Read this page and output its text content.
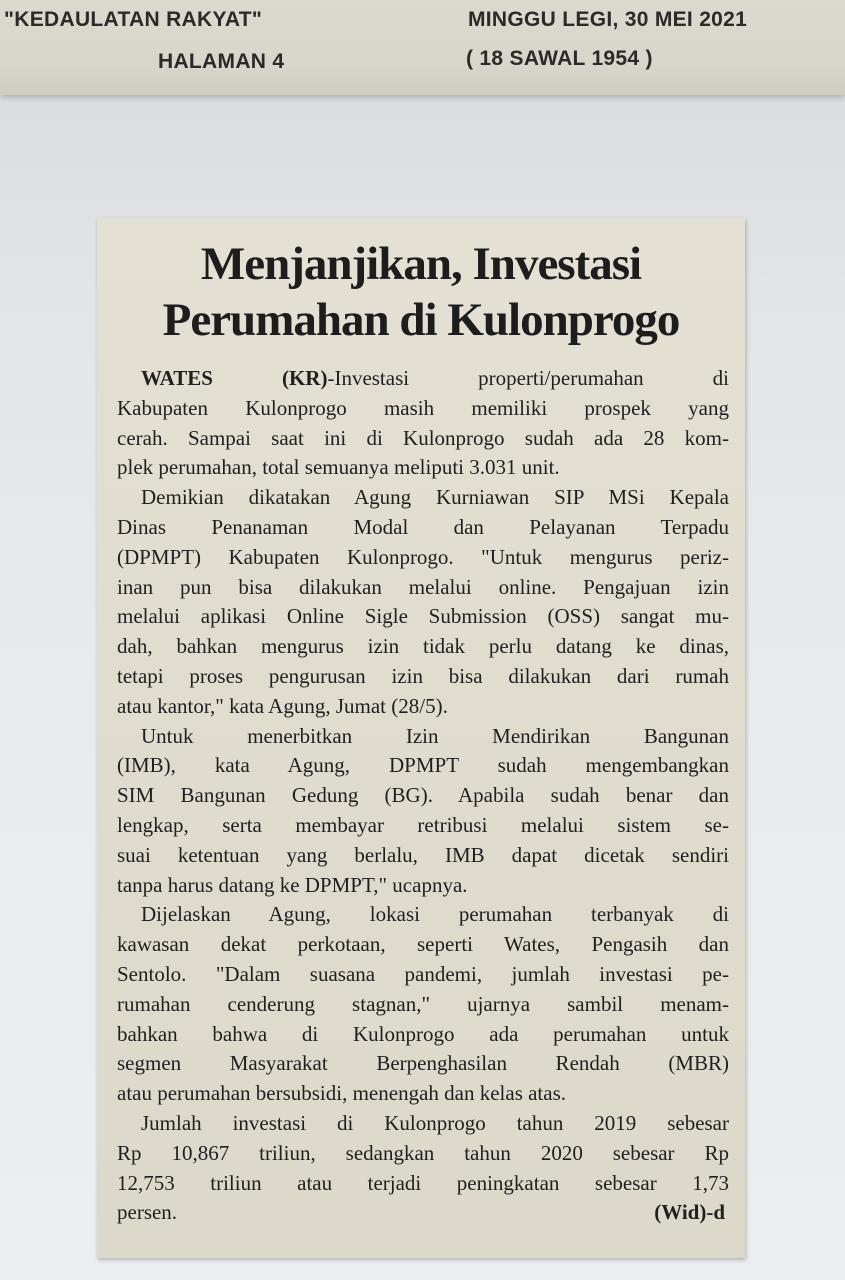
"KEDAULATAN RAKYAT"

HALAMAN 4

MINGGU LEGI, 30 MEI 2021

( 18 SAWAL 1954 )

Menjanjikan, Investasi
Perumahan di Kulonprogo
WATES (KR)-Investasi properti/perumahan di
Kabupaten Kulonprogo masih memiliki prospek yang
cerah. Sampai saat ini di Kulonprogo sudah ada 28 kom-
plek perumahan, total semuanya meliputi 3.031 unit.
Demikian dikatakan Agung Kurniawan SIP MSi Kepala
Dinas Penanaman Modal dan Pelayanan Terpadu
(DPMPT) Kabupaten Kulonprogo. "Untuk mengurus periz-
inan pun bisa dilakukan melalui online. Pengajuan izin
melalui aplikasi Online Sigle Submission (OSS) sangat mu-
dah, bahkan mengurus izin tidak perlu datang ke dinas,
tetapi proses pengurusan izin bisa dilakukan dari rumah
atau kantor," kata Agung, Jumat (28/5).
Untuk menerbitkan Izin Mendirikan Bangunan
(IMB), kata Agung, DPMPT sudah mengembangkan
SIM Bangunan Gedung (BG). Apabila sudah benar dan
lengkap, serta membayar retribusi melalui sistem se-
suai ketentuan yang berlalu, IMB dapat dicetak sendiri
tanpa harus datang ke DPMPT," ucapnya.
Dijelaskan Agung, lokasi perumahan terbanyak di
kawasan dekat perkotaan, seperti Wates, Pengasih dan
Sentolo. "Dalam suasana pandemi, jumlah investasi pe-
rumahan cenderung stagnan," ujarnya sambil menam-
bahkan bahwa di Kulonprogo ada perumahan untuk
segmen Masyarakat Berpenghasilan Rendah (MBR)
atau perumahan bersubsidi, menengah dan kelas atas.
Jumlah investasi di Kulonprogo tahun 2019 sebesar
Rp 10,867 triliun, sedangkan tahun 2020 sebesar Rp
12,753 triliun atau terjadi peningkatan sebesar 1,73
persen.	(Wid)-d
